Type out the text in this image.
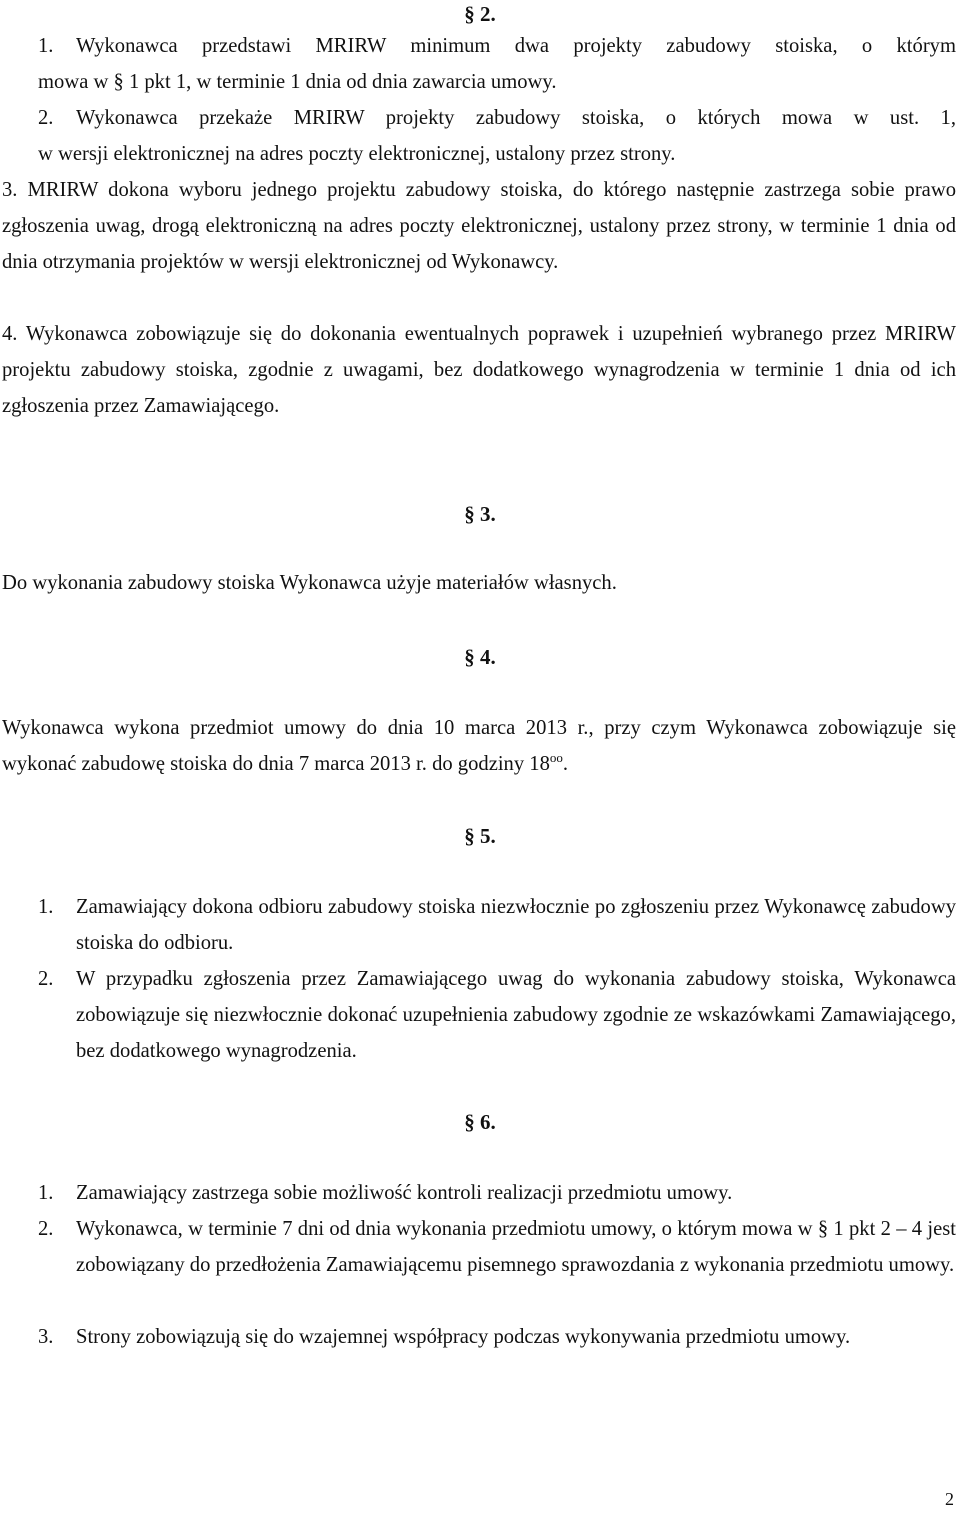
§ 2.
1. Wykonawca przedstawi MRIRW minimum dwa projekty zabudowy stoiska, o którym
mowa w § 1 pkt 1, w terminie 1 dnia od dnia zawarcia umowy.
2. Wykonawca przekaże MRIRW projekty zabudowy stoiska, o których mowa w ust. 1,
w wersji elektronicznej na adres poczty elektronicznej, ustalony przez strony.
3. MRIRW dokona wyboru jednego projektu zabudowy stoiska, do którego następnie zastrzega sobie prawo zgłoszenia uwag, drogą elektroniczną na adres poczty elektronicznej, ustalony przez strony, w terminie 1 dnia od dnia otrzymania projektów w wersji elektronicznej od Wykonawcy.
4. Wykonawca zobowiązuje się do dokonania ewentualnych poprawek i uzupełnień wybranego przez MRIRW projektu zabudowy stoiska, zgodnie z uwagami, bez dodatkowego wynagrodzenia w terminie 1 dnia od ich zgłoszenia przez Zamawiającego.
§ 3.
Do wykonania zabudowy stoiska Wykonawca użyje materiałów własnych.
§ 4.
Wykonawca wykona przedmiot umowy do dnia 10 marca 2013 r., przy czym Wykonawca zobowiązuje się wykonać zabudowę stoiska do dnia 7 marca 2013 r. do godziny $18^{oo}$.
§ 5.
1. Zamawiający dokona odbioru zabudowy stoiska niezwłocznie po zgłoszeniu przez Wykonawcę zabudowy stoiska do odbioru.
2. W przypadku zgłoszenia przez Zamawiającego uwag do wykonania zabudowy stoiska, Wykonawca zobowiązuje się niezwłocznie dokonać uzupełnienia zabudowy zgodnie ze wskazówkami Zamawiającego, bez dodatkowego wynagrodzenia.
§ 6.
1. Zamawiający zastrzega sobie możliwość kontroli realizacji przedmiotu umowy.
2. Wykonawca, w terminie 7 dni od dnia wykonania przedmiotu umowy, o którym mowa w § 1 pkt 2 – 4 jest zobowiązany do przedłożenia Zamawiającemu pisemnego sprawozdania z wykonania przedmiotu umowy.
3. Strony zobowiązują się do wzajemnej współpracy podczas wykonywania przedmiotu umowy.
2
